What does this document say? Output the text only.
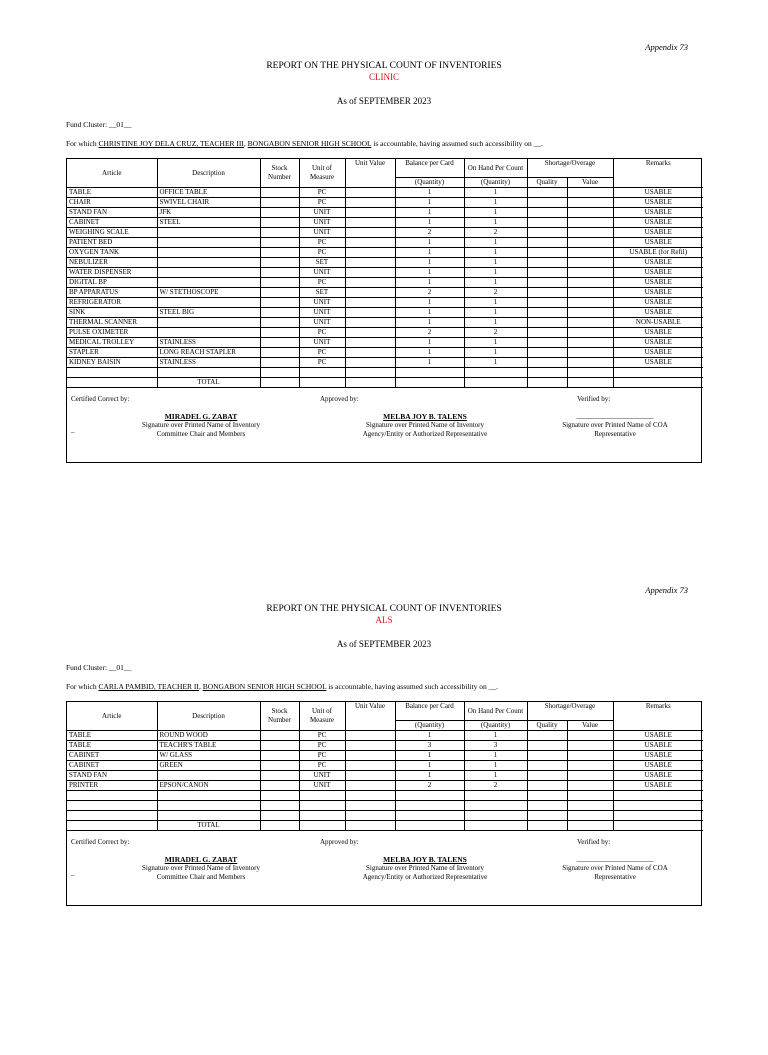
Appendix 73
REPORT ON THE PHYSICAL COUNT OF INVENTORIES
CLINIC
As of SEPTEMBER 2023
Fund Cluster: __01__
For which CHRISTINE JOY DELA CRUZ, TEACHER III, BONGABON SENIOR HIGH SCHOOL is accountable, having assumed such accessibility on __.
Article	Description	Stock Number	Unit of Measure	Unit Value	Balance per Card	On Hand Per Count	Shortage/Overage		Remarks
					(Quantity)	(Quantity)	Quality	Value	
TABLE	OFFICE TABLE		PC		1	1			USABLE
CHAIR	SWIVEL CHAIR		PC		1	1			USABLE
STAND FAN	JFK		UNIT		1	1			USABLE
CABINET	STEEL		UNIT		1	1			USABLE
WEIGHING SCALE			UNIT		2	2			USABLE
PATIENT BED			PC		1	1			USABLE
OXYGEN TANK			PC		1	1			USABLE (for Refil)
NEBULIZER			SET		1	1			USABLE
WATER DISPENSER			UNIT		1	1			USABLE
DIGITAL BP			PC		1	1			USABLE
BP APPARATUS	W/ STETHOSCOPE		SET		2	2			USABLE
REFRIGERATOR			UNIT		1	1			USABLE
SINK	STEEL BIG		UNIT		1	1			USABLE
THERMAL SCANNER			UNIT		1	1			NON-USABLE
PULSE OXIMETER			PC		2	2			USABLE
MEDICAL TROLLEY	STAINLESS		UNIT		1	1			USABLE
STAPLER	LONG REACH STAPLER		PC		1	1			USABLE
KIDNEY BAISIN	STAINLESS		PC		1	1			USABLE

	TOTAL								
Certified Correct by:	Approved by:	Verified by:
_
MIRADEL G. ZABAT
Signature over Printed Name of Inventory
Committee Chair and Members
MELBA JOY B. TALENS
Signature over Printed Name of Inventory
Agency/Entity or Authorized Representative
______________________
Signature over Printed Name of COA
Representative
Appendix 73
REPORT ON THE PHYSICAL COUNT OF INVENTORIES
ALS
As of SEPTEMBER 2023
Fund Cluster: __01__
For which CARLA PAMBID, TEACHER II, BONGABON SENIOR HIGH SCHOOL is accountable, having assumed such accessibility on __.
Article	Description	Stock Number	Unit of Measure	Unit Value	Balance per Card	On Hand Per Count	Shortage/Overage		Remarks
					(Quantity)	(Quantity)	Quality	Value	
TABLE	ROUND WOOD		PC		1	1			USABLE
TABLE	TEACHR'S TABLE		PC		3	3			USABLE
CABINET	W/ GLASS		PC		1	1			USABLE
CABINET	GREEN		PC		1	1			USABLE
STAND FAN			UNIT		1	1			USABLE
PRINTER	EPSON/CANON		UNIT		2	2			USABLE

	TOTAL								
Certified Correct by:	Approved by:	Verified by:
_
MIRADEL G. ZABAT
Signature over Printed Name of Inventory
Committee Chair and Members
MELBA JOY B. TALENS
Signature over Printed Name of Inventory
Agency/Entity or Authorized Representative
______________________
Signature over Printed Name of COA
Representative
